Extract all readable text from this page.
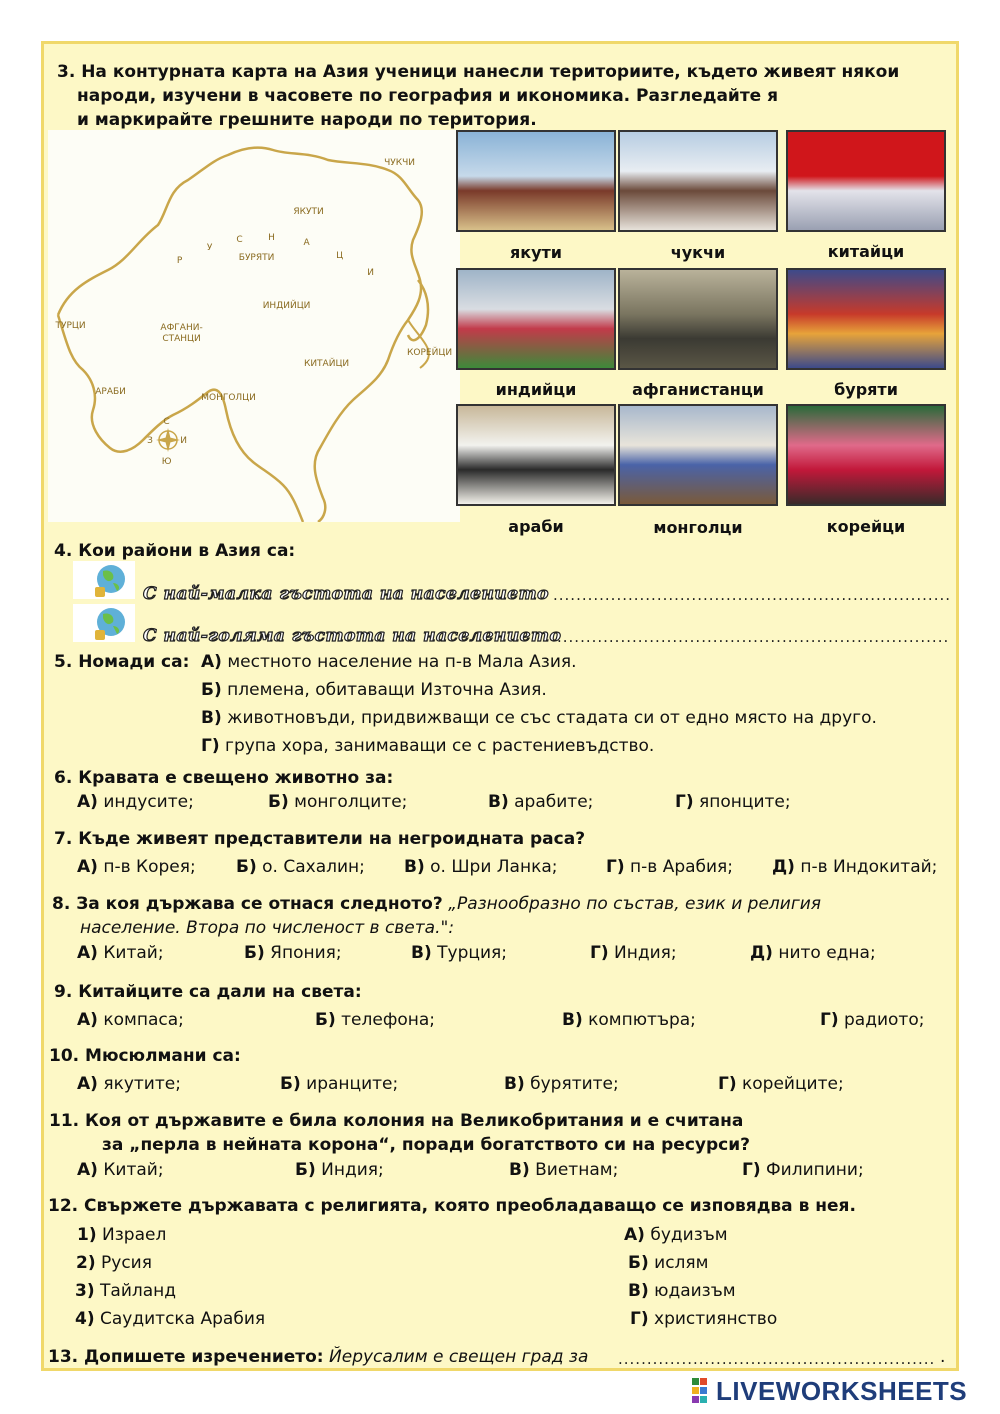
3. На контурната карта на Азия ученици нанесли териториите, където живеят някои
народи, изучени в часовете по география и икономика. Разгледайте я
и маркирайте грешните народи по територия.
ЧУКЧИ ЯКУТИ Р У С	Н	А Ц И БУРЯТИ ИНДИЙЦИ ТУРЦИ	АФГАНИ- СТАНЦИ КИТАЙЦИ КОРЕЙЦИ АРАБИ МОНГОЛЦИ С Ю И З
якути	чукчи	китайци
индийци	афганистанци	буряти
араби	монголци	корейци
4. Кои райони в Азия са:
С най-малка гъстота на населението
.....
С най-голяма гъстота на населението
.....
5. Номади са: А) местното население на п-в Мала Азия.
Б) племена, обитаващи Източна Азия.
В) животновъди, придвижващи се със стадата си от едно място на друго.
Г) група хора, занимаващи се с растениевъдство.
6. Кравата е свещено животно за:
А) индусите;	Б) монголците;	В) арабите;	Г) японците;
7. Къде живеят представители на негроидната раса?
А) п-в Корея; Б) о. Сахалин; В) о. Шри Ланка;	Г) п-в Арабия; Д) п-в Индокитай;
8. За коя държава се отнася следното? „Разнообразно по състав, език и религия
население. Втора по численост в света.":
А) Китай;	Б) Япония;	В) Турция;	Г) Индия;	Д) нито една;
9. Китайците са дали на света:
А) компаса;	Б) телефона;	В) компютъра;	Г) радиото;
10. Мюсюлмани са:
А) якутите;	Б) иранците;	В) бурятите;	Г) корейците;
11. Коя от държавите е била колония на Великобритания и е считана
за „перла в нейната корона“, поради богатството си на ресурси?
А) Китай;	Б) Индия;	В) Виетнам;	Г) Филипини;
12. Свържете държавата с религията, която преобладаващо се изповядва в нея.
1) Израел
2) Русия
3) Тайланд
4) Саудитска Арабия
А) будизъм
Б) ислям
В) юдаизъм
Г) християнство
13. Допишете изречението: Йерусалим е свещен град за
.....	.
LIVEWORKSHEETS
